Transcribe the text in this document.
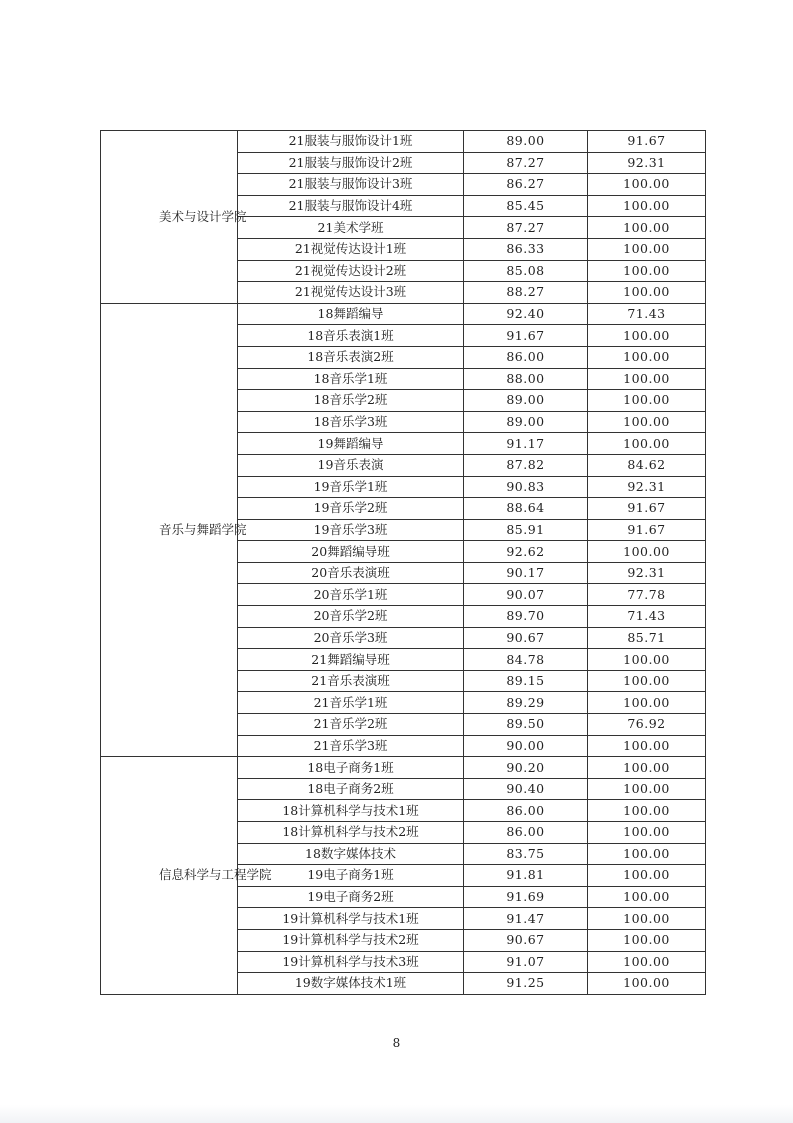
美术与设计学院	21服装与服饰设计1班	89.00	91.67
	21服装与服饰设计2班	87.27	92.31
	21服装与服饰设计3班	86.27	100.00
	21服装与服饰设计4班	85.45	100.00
	21美术学班	87.27	100.00
	21视觉传达设计1班	86.33	100.00
	21视觉传达设计2班	85.08	100.00
	21视觉传达设计3班	88.27	100.00
音乐与舞蹈学院	18舞蹈编导	92.40	71.43
	18音乐表演1班	91.67	100.00
	18音乐表演2班	86.00	100.00
	18音乐学1班	88.00	100.00
	18音乐学2班	89.00	100.00
	18音乐学3班	89.00	100.00
	19舞蹈编导	91.17	100.00
	19音乐表演	87.82	84.62
	19音乐学1班	90.83	92.31
	19音乐学2班	88.64	91.67
	19音乐学3班	85.91	91.67
	20舞蹈编导班	92.62	100.00
	20音乐表演班	90.17	92.31
	20音乐学1班	90.07	77.78
	20音乐学2班	89.70	71.43
	20音乐学3班	90.67	85.71
	21舞蹈编导班	84.78	100.00
	21音乐表演班	89.15	100.00
	21音乐学1班	89.29	100.00
	21音乐学2班	89.50	76.92
	21音乐学3班	90.00	100.00
信息科学与工程学院	18电子商务1班	90.20	100.00
	18电子商务2班	90.40	100.00
	18计算机科学与技术1班	86.00	100.00
	18计算机科学与技术2班	86.00	100.00
	18数字媒体技术	83.75	100.00
	19电子商务1班	91.81	100.00
	19电子商务2班	91.69	100.00
	19计算机科学与技术1班	91.47	100.00
	19计算机科学与技术2班	90.67	100.00
	19计算机科学与技术3班	91.07	100.00
	19数字媒体技术1班	91.25	100.00
8
